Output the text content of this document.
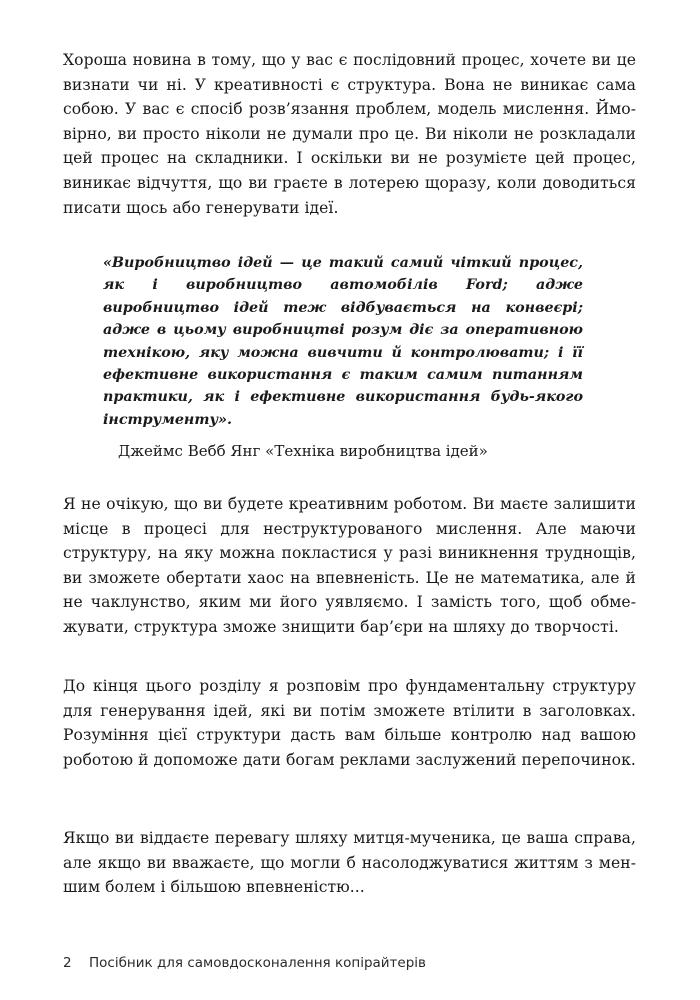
Хороша новина в тому, що у вас є послідовний процес, хочете ви це визнати чи ні. У креативності є структура. Вона не виникає сама собою. У вас є спосіб розв’язання проблем, модель мислення. Ймовірно, ви просто ніколи не думали про це. Ви ніколи не розкладали цей процес на складники. І оскільки ви не розумієте цей процес, виникає відчуття, що ви граєте в лотерею щоразу, коли доводиться писати щось або генерувати ідеї.

«Виробництво ідей — це такий самий чіткий процес, як і виробництво автомобілів Ford; адже виробництво ідей теж відбувається на конвеєрі; адже в цьому виробництві розум діє за оперативною технікою, яку можна вивчити й контролювати; і її ефективне використання є таким самим питанням практики, як і ефективне використання будь-якого інструменту».

Джеймс Вебб Янг «Техніка виробництва ідей»

Я не очікую, що ви будете креативним роботом. Ви маєте залишити місце в процесі для неструктурованого мислення. Але маючи структуру, на яку можна покластися у разі виникнення труднощів, ви зможете обертати хаос на впевненість. Це не математика, але й не чаклунство, яким ми його уявляємо. І замість того, щоб обмежувати, структура зможе знищити бар’єри на шляху до творчості.

До кінця цього розділу я розповім про фундаментальну структуру для генерування ідей, які ви потім зможете втілити в заголовках. Розуміння цієї структури дасть вам більше контролю над вашою роботою й допоможе дати богам реклами заслужений перепочинок.

Якщо ви віддаєте перевагу шляху митця-мученика, це ваша справа, але якщо ви вважаєте, що могли б насолоджуватися життям з меншим болем і більшою впевненістю...

2 Посібник для самовдосконалення копірайтерів
